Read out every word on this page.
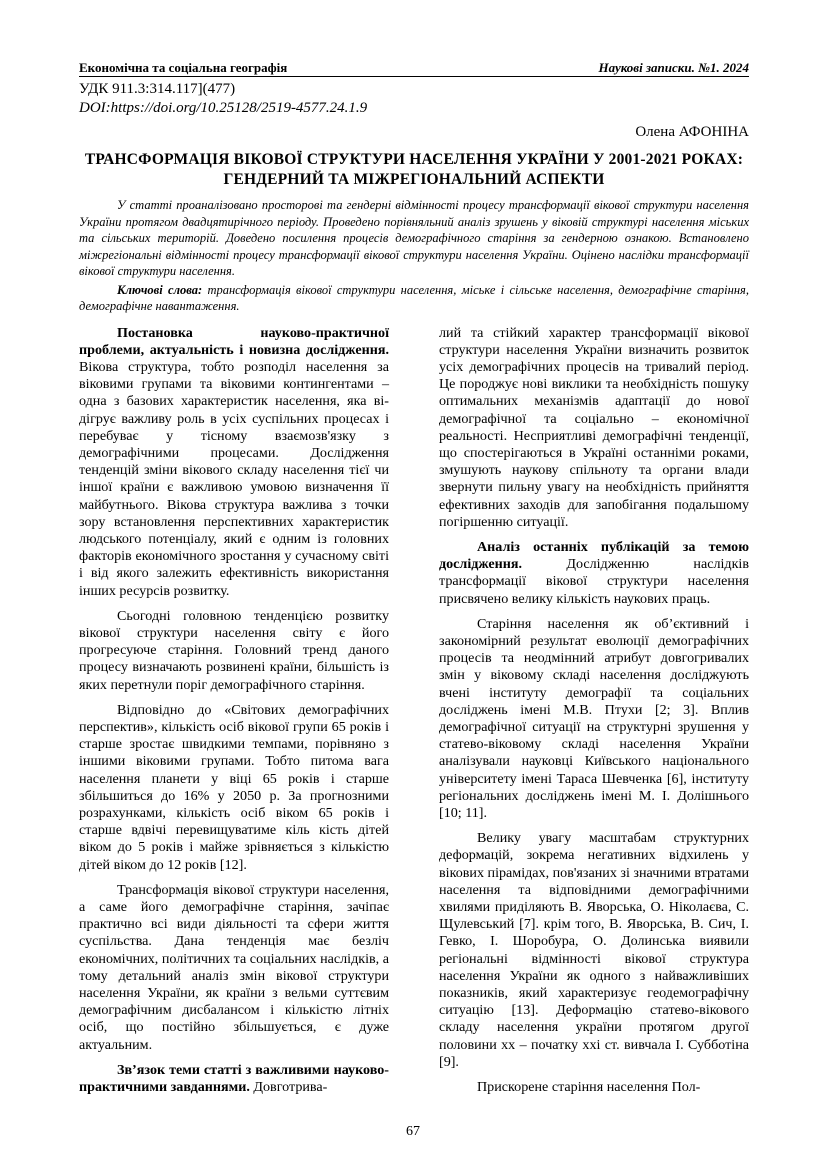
Економічна та соціальна географія	Наукові записки. №1. 2024
УДК 911.3:314.117](477)
DOI:https://doi.org/10.25128/2519-4577.24.1.9
Олена АФОНІНА
ТРАНСФОРМАЦІЯ ВІКОВОЇ СТРУКТУРИ НАСЕЛЕННЯ УКРАЇНИ У 2001-2021 РОКАХ: ГЕНДЕРНИЙ ТА МІЖРЕГІОНАЛЬНИЙ АСПЕКТИ

У статті проаналізовано просторові та гендерні відмінності процесу трансформації вікової структури населення України протягом двадцятирічного періоду. Проведено порівняльний аналіз зрушень у віковій структурі населення міських та сільських територій. Доведено посилення процесів демографічного старіння за гендерною ознакою. Встановлено міжрегіональні відмінності процесу трансформації вікової структури населення України. Оцінено наслідки трансформації вікової структури населення.

Ключові слова: трансформація вікової структури населення, міське і сільське населення, демографічне старіння, демографічне навантаження.

Постановка науково-практичної проблеми, актуальність і новизна дослідження. Вікова структура, тобто розподіл населення за віковими групами та віковими контингентами – одна з базових характеристик населення, яка ві-дігрує важливу роль в усіх суспільних процесах і перебуває у тісному взаємозв'язку з демографічними процесами. Дослідження тенденцій зміни вікового складу населення тієї чи іншої країни є важливою умовою визначення її майбутнього. Вікова структура важлива з точки зору встановлення перспективних характеристик людського потенціалу, який є одним із головних факторів економічного зростання у сучасному світі і від якого залежить ефективність використання інших ресурсів розвитку.

Сьогодні головною тенденцією розвитку вікової структури населення світу є його прогресуюче старіння. Головний тренд даного процесу визначають розвинені країни, більшість із яких перетнули поріг демографічного старіння.

Відповідно до «Світових демографічних перспектив», кількість осіб вікової групи 65 років і старше зростає швидкими темпами, порівняно з іншими віковими групами. Тобто питома вага населення планети у віці 65 років і старше збільшиться до 16% у 2050 р. За прогнозними розрахунками, кількість осіб віком 65 років і старше вдвічі перевищуватиме кіль кість дітей віком до 5 років і майже зрівняється з кількістю дітей віком до 12 років [12].

Трансформація вікової структури населення, а саме його демографічне старіння, зачіпає практично всі види діяльності та сфери життя суспільства. Дана тенденція має безліч економічних, політичних та соціальних наслідків, а тому детальний аналіз змін вікової структури населення України, як країни з вельми суттєвим демографічним дисбалансом і кількістю літніх осіб, що постійно збільшується, є дуже актуальним.

Зв’язок теми статті з важливими науково-практичними завданнями. Довготрива-

лий та стійкий характер трансформації вікової структури населення України визначить розвиток усіх демографічних процесів на тривалий період. Це породжує нові виклики та необхідність пошуку оптимальних механізмів адаптації до нової демографічної та соціально – економічної реальності. Несприятливі демографічні тенденції, що спостерігаються в Україні останніми роками, змушують наукову спільноту та органи влади звернути пильну увагу на необхідність прийняття ефективних заходів для запобігання подальшому погіршенню ситуації.

Аналіз останніх публікацій за темою дослідження. Дослідженню наслідків трансформації вікової структури населення присвячено велику кількість наукових праць.

Старіння населення як об’єктивний і закономірний результат еволюції демографічних процесів та неодмінний атрибут довгогривалих змін у віковому складі населення досліджують вчені інституту демографії та соціальних досліджень імені М.В. Птухи [2; 3]. Вплив демографічної ситуації на структурні зрушення у статево-віковому складі населення України аналізували науковці Київського національного університету імені Тараса Шевченка [6], інституту регіональних досліджень імені М. І. Долішнього [10; 11].

Велику увагу масштабам структурних деформацій, зокрема негативних відхилень у вікових пірамідах, пов'язаних зі значними втратами населення та відповідними демографічними хвилями приділяють В. Яворська, О. Ніколаєва, С. Щулевський [7]. крім того, В. Яворська, В. Сич, І. Гевко, І. Шоробура, О. Долинська виявили регіональні відмінності вікової структура населення України як одного з найважливіших показників, який характеризує геодемографічну ситуацію [13]. Деформацію статево-вікового складу населення україни протягом другої половини хх – початку ххі ст. вивчала І. Субботіна [9].

Прискорене старіння населення Пол-

67
